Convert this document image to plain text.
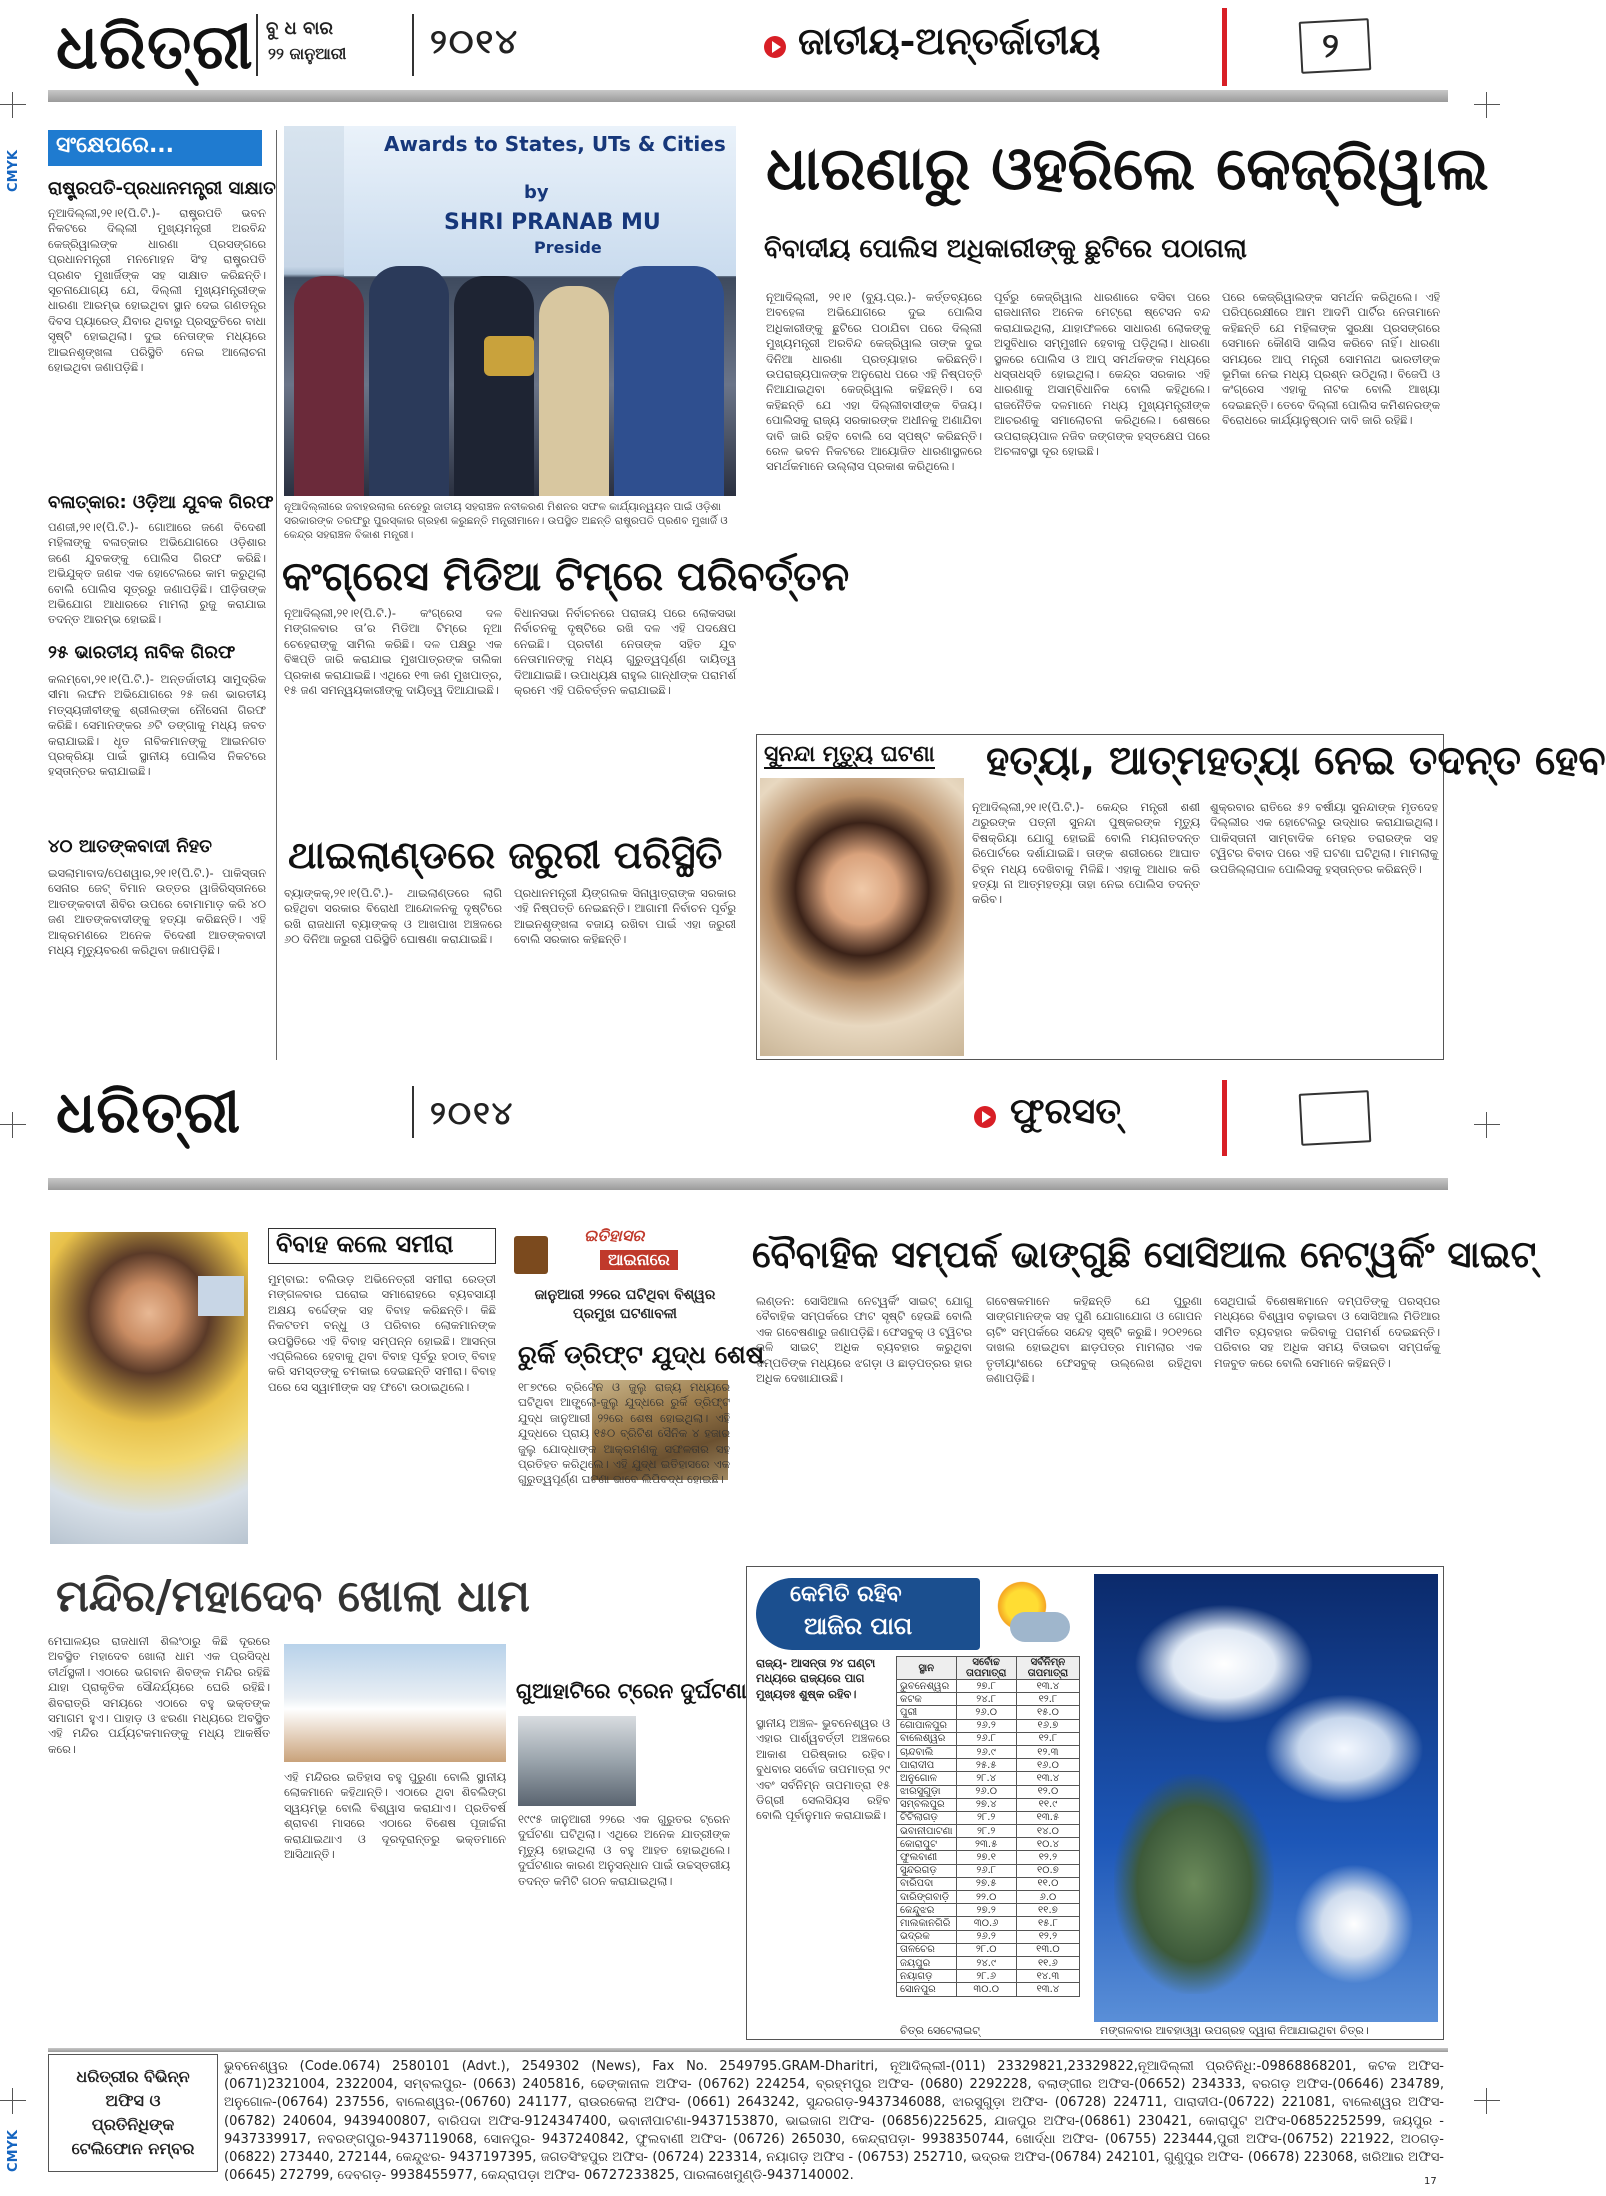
CMYK
CMYK
ଧରିତ୍ରୀ ବୁ ଧ ବାର
୨୨ ଜାନୁଆରୀ ୨୦୧୪	ଜାତୀୟ-ଅନ୍ତର୍ଜାତୀୟ	୨
ସଂକ୍ଷେପରେ...
ରାଷ୍ଟ୍ରପତି-ପ୍ରଧାନମନ୍ତ୍ରୀ ସାକ୍ଷାତ
ନୂଆଦିଲ୍ଲୀ,୨୧।୧(ପି.ଟି.)- ରାଷ୍ଟ୍ରପତି ଭବନ ନିକଟରେ ଦିଲ୍ଲୀ ମୁଖ୍ୟମନ୍ତ୍ରୀ ଅରବିନ୍ଦ କେଜ୍ରିୱାଲଙ୍କ ଧାରଣା ପ୍ରସଙ୍ଗରେ ପ୍ରଧାନମନ୍ତ୍ରୀ ମନମୋହନ ସିଂହ ରାଷ୍ଟ୍ରପତି ପ୍ରଣବ ମୁଖାର୍ଜିଙ୍କ ସହ ସାକ୍ଷାତ କରିଛନ୍ତି। ସୂଚନାଯୋଗ୍ୟ ଯେ, ଦିଲ୍ଲୀ ମୁଖ୍ୟମନ୍ତ୍ରୀଙ୍କ ଧାରଣା ଆରମ୍ଭ ହୋଇଥିବା ସ୍ଥାନ ଦେଇ ଗଣତନ୍ତ୍ର ଦିବସ ପ୍ୟାରେଡ୍ ଯିବାର ଥିବାରୁ ପ୍ରସ୍ତୁତିରେ ବାଧା ସୃଷ୍ଟି ହୋଇଥିଲା। ଦୁଇ ନେତାଙ୍କ ମଧ୍ୟରେ ଆଇନଶୃଙ୍ଖଳା ପରିସ୍ଥିତି ନେଇ ଆଲୋଚନା ହୋଇଥିବା ଜଣାପଡ଼ିଛି।
ବଳାତ୍କାର: ଓଡ଼ିଆ ଯୁବକ ଗିରଫ
ପଣଜୀ,୨୧।୧(ପି.ଟି.)- ଗୋଆରେ ଜଣେ ବିଦେଶୀ ମହିଳାଙ୍କୁ ବଳାତ୍କାର ଅଭିଯୋଗରେ ଓଡ଼ିଶାର ଜଣେ ଯୁବକଙ୍କୁ ପୋଲିସ ଗିରଫ କରିଛି। ଅଭିଯୁକ୍ତ ଜଣକ ଏକ ହୋଟେଲରେ କାମ କରୁଥିଲା ବୋଲି ପୋଲିସ ସୂତ୍ରରୁ ଜଣାପଡ଼ିଛି। ପୀଡ଼ିତାଙ୍କ ଅଭିଯୋଗ ଆଧାରରେ ମାମଲା ରୁଜୁ କରାଯାଇ ତଦନ୍ତ ଆରମ୍ଭ ହୋଇଛି।
୨୫ ଭାରତୀୟ ନାବିକ ଗିରଫ
କଲମ୍ବୋ,୨୧।୧(ପି.ଟି.)- ଅନ୍ତର୍ଜାତୀୟ ସାମୁଦ୍ରିକ ସୀମା ଲଙ୍ଘନ ଅଭିଯୋଗରେ ୨୫ ଜଣ ଭାରତୀୟ ମତ୍ସ୍ୟଜୀବୀଙ୍କୁ ଶ୍ରୀଲଙ୍କା ନୌସେନା ଗିରଫ କରିଛି। ସେମାନଙ୍କର ୬ଟି ଡଙ୍ଗାକୁ ମଧ୍ୟ ଜବତ କରାଯାଇଛି। ଧୃତ ନାବିକମାନଙ୍କୁ ଆଇନଗତ ପ୍ରକ୍ରିୟା ପାଇଁ ସ୍ଥାନୀୟ ପୋଲିସ ନିକଟରେ ହସ୍ତାନ୍ତର କରାଯାଇଛି।
୪୦ ଆତଙ୍କବାଦୀ ନିହତ
ଇସଲାମାବାଦ/ପେଶୱାର,୨୧।୧(ପି.ଟି.)- ପାକିସ୍ତାନ ସେନାର ଜେଟ୍ ବିମାନ ଉତ୍ତର ୱାଜିରିସ୍ତାନରେ ଆତଙ୍କବାଦୀ ଶିବିର ଉପରେ ବୋମାମାଡ଼ କରି ୪୦ ଜଣ ଆତଙ୍କବାଦୀଙ୍କୁ ହତ୍ୟା କରିଛନ୍ତି। ଏହି ଆକ୍ରମଣରେ ଅନେକ ବିଦେଶୀ ଆତଙ୍କବାଦୀ ମଧ୍ୟ ମୃତ୍ୟୁବରଣ କରିଥିବା ଜଣାପଡ଼ିଛି।
Awards to States, UTs & Cities
by
SHRI PRANAB MU
Preside
ନୂଆଦିଲ୍ଲୀରେ ଜବାହରଲାଲ ନେହେରୁ ଜାତୀୟ ସହରାଞ୍ଚଳ ନବୀକରଣ ମିଶନର ସଫଳ କାର୍ଯ୍ୟାନ୍ୱୟନ ପାଇଁ ଓଡ଼ିଶା ସରକାରଙ୍କ ତରଫରୁ ପୁରସ୍କାର ଗ୍ରହଣ କରୁଛନ୍ତି ମନ୍ତ୍ରୀମାନେ। ଉପସ୍ଥିତ ଅଛନ୍ତି ରାଷ୍ଟ୍ରପତି ପ୍ରଣବ ମୁଖାର୍ଜି ଓ କେନ୍ଦ୍ର ସହରାଞ୍ଚଳ ବିକାଶ ମନ୍ତ୍ରୀ।
ଧାରଣାରୁ ଓହରିଲେ କେଜ୍ରିୱାଲ
ବିବାଦୀୟ ପୋଲିସ ଅଧିକାରୀଙ୍କୁ ଛୁଟିରେ ପଠାଗଲା
ନୂଆଦିଲ୍ଲୀ, ୨୧।୧ (ବ୍ୟୁ.ପ୍ର.)- କର୍ତ୍ତବ୍ୟରେ ଅବହେଳା ଅଭିଯୋଗରେ ଦୁଇ ପୋଲିସ ଅଧିକାରୀଙ୍କୁ ଛୁଟିରେ ପଠାଯିବା ପରେ ଦିଲ୍ଲୀ ମୁଖ୍ୟମନ୍ତ୍ରୀ ଅରବିନ୍ଦ କେଜ୍ରିୱାଲ ତାଙ୍କ ଦୁଇ ଦିନିଆ ଧାରଣା ପ୍ରତ୍ୟାହାର କରିଛନ୍ତି। ଉପରାଜ୍ୟପାଳଙ୍କ ଅନୁରୋଧ ପରେ ଏହି ନିଷ୍ପତ୍ତି ନିଆଯାଇଥିବା କେଜ୍ରିୱାଲ କହିଛନ୍ତି। ସେ କହିଛନ୍ତି ଯେ ଏହା ଦିଲ୍ଲୀବାସୀଙ୍କ ବିଜୟ। ପୋଲିସକୁ ରାଜ୍ୟ ସରକାରଙ୍କ ଅଧୀନକୁ ଅଣାଯିବା ଦାବି ଜାରି ରହିବ ବୋଲି ସେ ସ୍ପଷ୍ଟ କରିଛନ୍ତି। ରେଳ ଭବନ ନିକଟରେ ଆୟୋଜିତ ଧାରଣାସ୍ଥଳରେ ସମର୍ଥକମାନେ ଉଲ୍ଲାସ ପ୍ରକାଶ କରିଥିଲେ।
ପୂର୍ବରୁ କେଜ୍ରିୱାଲ ଧାରଣାରେ ବସିବା ପରେ ରାଜଧାନୀର ଅନେକ ମେଟ୍ରୋ ଷ୍ଟେସନ ବନ୍ଦ କରାଯାଇଥିଲା, ଯାହାଫଳରେ ସାଧାରଣ ଲୋକଙ୍କୁ ଅସୁବିଧାର ସମ୍ମୁଖୀନ ହେବାକୁ ପଡ଼ିଥିଲା। ଧାରଣା ସ୍ଥଳରେ ପୋଲିସ ଓ ଆପ୍ ସମର୍ଥକଙ୍କ ମଧ୍ୟରେ ଧସ୍ତାଧସ୍ତି ହୋଇଥିଲା। କେନ୍ଦ୍ର ସରକାର ଏହି ଧାରଣାକୁ ଅସାମ୍ବିଧାନିକ ବୋଲି କହିଥିଲେ। ରାଜନୈତିକ ଦଳମାନେ ମଧ୍ୟ ମୁଖ୍ୟମନ୍ତ୍ରୀଙ୍କ ଆଚରଣକୁ ସମାଲୋଚନା କରିଥିଲେ। ଶେଷରେ ଉପରାଜ୍ୟପାଳ ନଜିବ ଜଙ୍ଗଙ୍କ ହସ୍ତକ୍ଷେପ ପରେ ଅଚଳାବସ୍ଥା ଦୂର ହୋଇଛି।
ପରେ କେଜ୍ରିୱାଲଙ୍କ ସମର୍ଥନ କରିଥିଲେ। ଏହି ପରିପ୍ରେକ୍ଷୀରେ ଆମ ଆଦମି ପାର୍ଟିର ନେତାମାନେ କହିଛନ୍ତି ଯେ ମହିଳାଙ୍କ ସୁରକ୍ଷା ପ୍ରସଙ୍ଗରେ ସେମାନେ କୌଣସି ସାଲିସ କରିବେ ନାହିଁ। ଧାରଣା ସମୟରେ ଆପ୍ ମନ୍ତ୍ରୀ ସୋମନାଥ ଭାରତୀଙ୍କ ଭୂମିକା ନେଇ ମଧ୍ୟ ପ୍ରଶ୍ନ ଉଠିଥିଲା। ବିଜେପି ଓ କଂଗ୍ରେସ ଏହାକୁ ନାଟକ ବୋଲି ଆଖ୍ୟା ଦେଇଛନ୍ତି। ତେବେ ଦିଲ୍ଲୀ ପୋଲିସ କମିଶନରଙ୍କ ବିରୋଧରେ କାର୍ଯ୍ୟାନୁଷ୍ଠାନ ଦାବି ଜାରି ରହିଛି।
କଂଗ୍ରେସ ମିଡିଆ ଟିମ୍‌ରେ ପରିବର୍ତ୍ତନ
ନୂଆଦିଲ୍ଲୀ,୨୧।୧(ପି.ଟି.)- କଂଗ୍ରେସ ଦଳ ମଙ୍ଗଳବାର ତା’ର ମିଡିଆ ଟିମ୍‌ରେ ନୂଆ ଚେହେରାଙ୍କୁ ସାମିଲ କରିଛି। ଦଳ ପକ୍ଷରୁ ଏକ ବିଜ୍ଞପ୍ତି ଜାରି କରାଯାଇ ମୁଖପାତ୍ରଙ୍କ ତାଲିକା ପ୍ରକାଶ କରାଯାଇଛି। ଏଥିରେ ୧୩ ଜଣ ମୁଖପାତ୍ର, ୧୫ ଜଣ ସମନ୍ୱୟକାରୀଙ୍କୁ ଦାୟିତ୍ୱ ଦିଆଯାଇଛି।
ବିଧାନସଭା ନିର୍ବାଚନରେ ପରାଜୟ ପରେ ଲୋକସଭା ନିର୍ବାଚନକୁ ଦୃଷ୍ଟିରେ ରଖି ଦଳ ଏହି ପଦକ୍ଷେପ ନେଇଛି। ପ୍ରବୀଣ ନେତାଙ୍କ ସହିତ ଯୁବ ନେତାମାନଙ୍କୁ ମଧ୍ୟ ଗୁରୁତ୍ୱପୂର୍ଣ୍ଣ ଦାୟିତ୍ୱ ଦିଆଯାଇଛି। ଉପାଧ୍ୟକ୍ଷ ରାହୁଲ ଗାନ୍ଧୀଙ୍କ ପରାମର୍ଶ କ୍ରମେ ଏହି ପରିବର୍ତ୍ତନ କରାଯାଇଛି।
ଥାଇଲାଣ୍ଡରେ ଜରୁରୀ ପରିସ୍ଥିତି
ବ୍ୟାଙ୍କକ୍,୨୧।୧(ପି.ଟି.)- ଥାଇଲାଣ୍ଡରେ ଲାଗି ରହିଥିବା ସରକାର ବିରୋଧୀ ଆନ୍ଦୋଳନକୁ ଦୃଷ୍ଟିରେ ରଖି ରାଜଧାନୀ ବ୍ୟାଙ୍କକ୍ ଓ ଆଖପାଖ ଅଞ୍ଚଳରେ ୬୦ ଦିନିଆ ଜରୁରୀ ପରିସ୍ଥିତି ଘୋଷଣା କରାଯାଇଛି।
ପ୍ରଧାନମନ୍ତ୍ରୀ ୟିଙ୍ଗଲକ ସିନାୱାତ୍ରାଙ୍କ ସରକାର ଏହି ନିଷ୍ପତ୍ତି ନେଇଛନ୍ତି। ଆଗାମୀ ନିର୍ବାଚନ ପୂର୍ବରୁ ଆଇନଶୃଙ୍ଖଳା ବଜାୟ ରଖିବା ପାଇଁ ଏହା ଜରୁରୀ ବୋଲି ସରକାର କହିଛନ୍ତି।
ସୁନନ୍ଦା ମୃତ୍ୟୁ ଘଟଣା ହତ୍ୟା, ଆତ୍ମହତ୍ୟା ନେଇ ତଦନ୍ତ ହେବ
ନୂଆଦିଲ୍ଲୀ,୨୧।୧(ପି.ଟି.)- କେନ୍ଦ୍ର ମନ୍ତ୍ରୀ ଶଶୀ ଥରୁରଙ୍କ ପତ୍ନୀ ସୁନନ୍ଦା ପୁଷ୍କରଙ୍କ ମୃତ୍ୟୁ ବିଷକ୍ରିୟା ଯୋଗୁ ହୋଇଛି ବୋଲି ମୟନାତଦନ୍ତ ରିପୋର୍ଟରେ ଦର୍ଶାଯାଇଛି। ତାଙ୍କ ଶରୀରରେ ଆଘାତ ଚିହ୍ନ ମଧ୍ୟ ଦେଖିବାକୁ ମିଳିଛି। ଏହାକୁ ଆଧାର କରି ହତ୍ୟା ନା ଆତ୍ମହତ୍ୟା ତାହା ନେଇ ପୋଲିସ ତଦନ୍ତ କରିବ।
ଶୁକ୍ରବାର ରାତିରେ ୫୨ ବର୍ଷୀୟା ସୁନନ୍ଦାଙ୍କ ମୃତଦେହ ଦିଲ୍ଲୀର ଏକ ହୋଟେଲରୁ ଉଦ୍ଧାର କରାଯାଇଥିଲା। ପାକିସ୍ତାନୀ ସାମ୍ବାଦିକ ମେହର ତରାରଙ୍କ ସହ ଟ୍ୱିଟର ବିବାଦ ପରେ ଏହି ଘଟଣା ଘଟିଥିଲା। ମାମଲାକୁ ଉପଜିଲ୍ଲାପାଳ ପୋଲିସକୁ ହସ୍ତାନ୍ତର କରିଛନ୍ତି।
ଧରିତ୍ରୀ	୨୦୧୪	ଫୁରସତ୍
ବିବାହ କଲେ ସମୀରା
ମୁମ୍ବାଇ: ବଲିଉଡ଼ ଅଭିନେତ୍ରୀ ସମୀରା ରେଡ୍ଡୀ ମଙ୍ଗଳବାର ଘରୋଇ ସମାରୋହରେ ବ୍ୟବସାୟୀ ଅକ୍ଷୟ ବର୍ଦ୍ଦେଙ୍କ ସହ ବିବାହ କରିଛନ୍ତି। କିଛି ନିକଟତମ ବନ୍ଧୁ ଓ ପରିବାର ଲୋକମାନଙ୍କ ଉପସ୍ଥିତିରେ ଏହି ବିବାହ ସମ୍ପନ୍ନ ହୋଇଛି। ଆସନ୍ତା ଏପ୍ରିଲରେ ହେବାକୁ ଥିବା ବିବାହ ପୂର୍ବରୁ ହଠାତ୍ ବିବାହ କରି ସମସ୍ତଙ୍କୁ ଚମକାଇ ଦେଇଛନ୍ତି ସମୀରା। ବିବାହ ପରେ ସେ ସ୍ୱାମୀଙ୍କ ସହ ଫଟୋ ଉଠାଇଥିଲେ।
ଇତିହାସର
ଆଇନାରେ
ଜାନୁଆରୀ ୨୨ରେ ଘଟିଥିବା ବିଶ୍ୱର ପ୍ରମୁଖ ଘଟଣାବଳୀ
ରୁର୍କି ଡ୍ରିଫ୍ଟ ଯୁଦ୍ଧ ଶେଷ
୧୮୭୯ରେ ବ୍ରିଟେନ ଓ ଜୁଲୁ ରାଜ୍ୟ ମଧ୍ୟରେ ଘଟିଥିବା ଆଙ୍ଗ୍ଲୋ-ଜୁଲୁ ଯୁଦ୍ଧରେ ରୁର୍କି ଡ୍ରିଫ୍ଟ ଯୁଦ୍ଧ ଜାନୁଆରୀ ୨୨ରେ ଶେଷ ହୋଇଥିଲା। ଏହି ଯୁଦ୍ଧରେ ପ୍ରାୟ ୧୫୦ ବ୍ରିଟିଶ ସୈନିକ ୪ ହଜାର ଜୁଲୁ ଯୋଦ୍ଧାଙ୍କ ଆକ୍ରମଣକୁ ସଫଳତାର ସହ ପ୍ରତିହତ କରିଥିଲେ। ଏହି ଯୁଦ୍ଧ ଇତିହାସରେ ଏକ ଗୁରୁତ୍ୱପୂର୍ଣ୍ଣ ଘଟଣା ଭାବେ ଲିପିବଦ୍ଧ ହୋଇଛି।
ଗୁଆହାଟିରେ ଟ୍ରେନ ଦୁର୍ଘଟଣା
୧୯୯୫ ଜାନୁଆରୀ ୨୨ରେ ଏକ ଗୁରୁତର ଟ୍ରେନ ଦୁର୍ଘଟଣା ଘଟିଥିଲା। ଏଥିରେ ଅନେକ ଯାତ୍ରୀଙ୍କ ମୃତ୍ୟୁ ହୋଇଥିଲା ଓ ବହୁ ଆହତ ହୋଇଥିଲେ। ଦୁର୍ଘଟଣାର କାରଣ ଅନୁସନ୍ଧାନ ପାଇଁ ଉଚ୍ଚସ୍ତରୀୟ ତଦନ୍ତ କମିଟି ଗଠନ କରାଯାଇଥିଲା।
ବୈବାହିକ ସମ୍ପର୍କ ଭାଙ୍ଗୁଛି ସୋସିଆଲ ନେଟ୍‌ୱର୍କିଂ ସାଇଟ୍
ଲଣ୍ଡନ: ସୋସିଆଲ ନେଟ୍‌ୱର୍କିଂ ସାଇଟ୍ ଯୋଗୁ ବୈବାହିକ ସମ୍ପର୍କରେ ଫାଟ ସୃଷ୍ଟି ହେଉଛି ବୋଲି ଏକ ଗବେଷଣାରୁ ଜଣାପଡ଼ିଛି। ଫେସବୁକ୍ ଓ ଟ୍ୱିଟର ଭଳି ସାଇଟ୍ ଅଧିକ ବ୍ୟବହାର କରୁଥିବା ଦମ୍ପତିଙ୍କ ମଧ୍ୟରେ ଝଗଡ଼ା ଓ ଛାଡ଼ପତ୍ରର ହାର ଅଧିକ ଦେଖାଯାଉଛି।
ଗବେଷକମାନେ କହିଛନ୍ତି ଯେ ପୁରୁଣା ସାଙ୍ଗମାନଙ୍କ ସହ ପୁଣି ଯୋଗାଯୋଗ ଓ ଗୋପନ ଚାଟିଂ ସମ୍ପର୍କରେ ସନ୍ଦେହ ସୃଷ୍ଟି କରୁଛି। ୨୦୧୨ରେ ଦାଖଲ ହୋଇଥିବା ଛାଡ଼ପତ୍ର ମାମଲାର ଏକ ତୃତୀୟାଂଶରେ ଫେସବୁକ୍ ଉଲ୍ଲେଖ ରହିଥିବା ଜଣାପଡ଼ିଛି।
ସେଥିପାଇଁ ବିଶେଷଜ୍ଞମାନେ ଦମ୍ପତିଙ୍କୁ ପରସ୍ପର ମଧ୍ୟରେ ବିଶ୍ୱାସ ବଢ଼ାଇବା ଓ ସୋସିଆଲ ମିଡିଆର ସୀମିତ ବ୍ୟବହାର କରିବାକୁ ପରାମର୍ଶ ଦେଇଛନ୍ତି। ପରିବାର ସହ ଅଧିକ ସମୟ ବିତାଇବା ସମ୍ପର୍କକୁ ମଜବୁତ କରେ ବୋଲି ସେମାନେ କହିଛନ୍ତି।
ମନ୍ଦିର/ମହାଦେବ ଖୋଲା ଧାମ
ମେଘାଳୟର ରାଜଧାନୀ ଶିଲଂଠାରୁ କିଛି ଦୂରରେ ଅବସ୍ଥିତ ମହାଦେବ ଖୋଲା ଧାମ ଏକ ପ୍ରସିଦ୍ଧ ତୀର୍ଥସ୍ଥଳୀ। ଏଠାରେ ଭଗବାନ ଶିବଙ୍କ ମନ୍ଦିର ରହିଛି ଯାହା ପ୍ରାକୃତିକ ସୌନ୍ଦର୍ଯ୍ୟରେ ଘେରି ରହିଛି। ଶିବରାତ୍ରି ସମୟରେ ଏଠାରେ ବହୁ ଭକ୍ତଙ୍କ ସମାଗମ ହୁଏ। ପାହାଡ଼ ଓ ଝରଣା ମଧ୍ୟରେ ଅବସ୍ଥିତ ଏହି ମନ୍ଦିର ପର୍ଯ୍ୟଟକମାନଙ୍କୁ ମଧ୍ୟ ଆକର୍ଷିତ କରେ।
ଏହି ମନ୍ଦିରର ଇତିହାସ ବହୁ ପୁରୁଣା ବୋଲି ସ୍ଥାନୀୟ ଲୋକମାନେ କହିଥାନ୍ତି। ଏଠାରେ ଥିବା ଶିବଲିଙ୍ଗ ସ୍ୱୟମ୍ଭୂ ବୋଲି ବିଶ୍ୱାସ କରାଯାଏ। ପ୍ରତିବର୍ଷ ଶ୍ରାବଣ ମାସରେ ଏଠାରେ ବିଶେଷ ପୂଜାର୍ଚ୍ଚନା କରାଯାଇଥାଏ ଓ ଦୂରଦୂରାନ୍ତରୁ ଭକ୍ତମାନେ ଆସିଥାନ୍ତି।
କେମିତି ରହିବ
ଆଜିର ପାଗ
ରାଜ୍ୟ- ଆସନ୍ତା ୨୪ ଘଣ୍ଟା ମଧ୍ୟରେ ରାଜ୍ୟରେ ପାଗ ମୁଖ୍ୟତଃ ଶୁଷ୍କ ରହିବ।
ସ୍ଥାନୀୟ ଅଞ୍ଚଳ- ଭୁବନେଶ୍ୱର ଓ ଏହାର ପାର୍ଶ୍ୱବର୍ତ୍ତୀ ଅଞ୍ଚଳରେ ଆକାଶ ପରିଷ୍କାର ରହିବ। ବୁଧବାର ସର୍ବୋଚ୍ଚ ତାପମାତ୍ରା ୨୯ ଏବଂ ସର୍ବନିମ୍ନ ତାପମାତ୍ରା ୧୫ ଡିଗ୍ରୀ ସେଲସିୟସ ରହିବ ବୋଲି ପୂର୍ବାନୁମାନ କରାଯାଇଛି।
ସ୍ଥାନ	ସର୍ବୋଚ୍ଚ ତାପମାତ୍ରା	ସର୍ବନିମ୍ନ ତାପମାତ୍ରା
ଭୁବନେଶ୍ୱର	୨୭.୮	୧୩.୪
କଟକ	୨୪.୮	୧୨.୮
ପୁରୀ	୨୬.୦	୧୫.୦
ଗୋପାଳପୁର	୨୬.୨	୧୬.୭
ବାଲେଶ୍ୱର	୨୬.୮	୧୨.୮
ଚାନ୍ଦବାଲି	୨୬.୯	୧୨.୩
ପାରାଦୀପ	୨୫.୫	୧୬.୦
ଅନୁଗୋଳ	୨୮.୪	୧୩.୪
ଝାରସୁଗୁଡ଼ା	୨୬.୦	୧୨.୦
ସମ୍ବଲପୁର	୨୭.୪	୧୧.୯
ଟିଟିଲାଗଡ଼	୨୮.୨	୧୩.୫
ଭବାନୀପାଟଣା	୨୮.୨	୧୪.୦
କୋରାପୁଟ	୨୩.୫	୧୦.୪
ଫୁଲବାଣୀ	୨୭.୧	୧୨.୨
ସୁନ୍ଦରଗଡ଼	୨୬.୮	୧୦.୭
ବାରିପଦା	୨୭.୫	୧୧.୦
ଦାରିଙ୍ଗବାଡ଼ି	୨୨.୦	୬.୦
କେନ୍ଦୁଝର	୨୭.୨	୧୧.୭
ମାଲକାନଗିରି	୩୦.୬	୧୫.୮
ଭଦ୍ରକ	୨୬.୨	୧୨.୨
ତାଳଚେର	୨୮.୦	୧୩.୦
ଜୟପୁର	୨୪.୯	୧୧.୬
ନୟାଗଡ଼	୨୮.୬	୧୪.୩
ସୋନପୁର	୩୦.୦	୧୩.୪
ଚିତ୍ର ସେଟେଲାଇଟ୍	ମଙ୍ଗଳବାର ଆବହାଓ୍ୱା ଉପଗ୍ରହ ଦ୍ୱାରା ନିଆଯାଇଥିବା ଚିତ୍ର।
ଧରିତ୍ରୀର ବିଭିନ୍ନ ଅଫିସ ଓ ପ୍ରତିନିଧିଙ୍କ ଟେଲିଫୋନ ନମ୍ବର
ଭୁବନେଶ୍ୱର (Code.0674) 2580101 (Advt.), 2549302 (News), Fax No. 2549795.GRAM-Dharitri, ନୂଆଦିଲ୍ଲୀ-(011) 23329821,23329822,ନୂଆଦିଲ୍ଲୀ ପ୍ରତିନିଧି:-09868868201, କଟକ ଅଫିସ-(0671)2321004, 2322004, ସମ୍ବଲପୁର- (0663) 2405816, ଢେଙ୍କାନାଳ ଅଫିସ- (06762) 224254, ବ୍ରହ୍ମପୁର ଅଫିସ- (0680) 2292228, ବଲାଙ୍ଗୀର ଅଫିସ-(06652) 234333, ବରଗଡ଼ ଅଫିସ-(06646) 234789, ଅନୁଗୋଳ-(06764) 237556, ବାଲେଶ୍ୱର-(06760) 241177, ରାଉରକେଲା ଅଫିସ- (0661) 2643242, ସୁନ୍ଦରଗଡ଼-9437346088, ଝାରସୁଗୁଡ଼ା ଅଫିସ- (06728) 224711, ପାରାଦୀପ-(06722) 221081, ବାଲେଶ୍ୱର ଅଫିସ-(06782) 240604, 9439400807, ବାରିପଦା ଅଫିସ-9124347400, ଭବାନୀପାଟଣା-9437153870, ଭାଇଜାଗ ଅଫିସ- (06856)225625, ଯାଜପୁର ଅଫିସ-(06861) 230421, କୋରାପୁଟ ଅଫିସ-06852252599, ଜୟପୁର - 9437339917, ନବରଙ୍ଗପୁର-9437119068, ସୋନପୁର- 9437240842, ଫୁଲବାଣୀ ଅଫିସ- (06726) 265030, କେନ୍ଦ୍ରାପଡ଼ା- 9938350744, ଖୋର୍ଦ୍ଧା ଅଫିସ- (06755) 223444,ପୁରୀ ଅଫିସ-(06752) 221922, ଅଠଗଡ଼- (06822) 273440, 272144, କେନ୍ଦୁଝର- 9437197395, ଜଗତସିଂହପୁର ଅଫିସ- (06724) 223314, ନୟାଗଡ଼ ଅଫିସ - (06753) 252710, ଭଦ୍ରକ ଅଫିସ-(06784) 242101, ଗୁଣୁପୁର ଅଫିସ- (06678) 223068, ଖରିଆର ଅଫିସ- (06645) 272799, ଦେବଗଡ଼- 9938455977, କେନ୍ଦ୍ରାପଡ଼ା ଅଫିସ- 06727233825, ପାରଳାଖେମୁଣ୍ଡି-9437140002.	17
